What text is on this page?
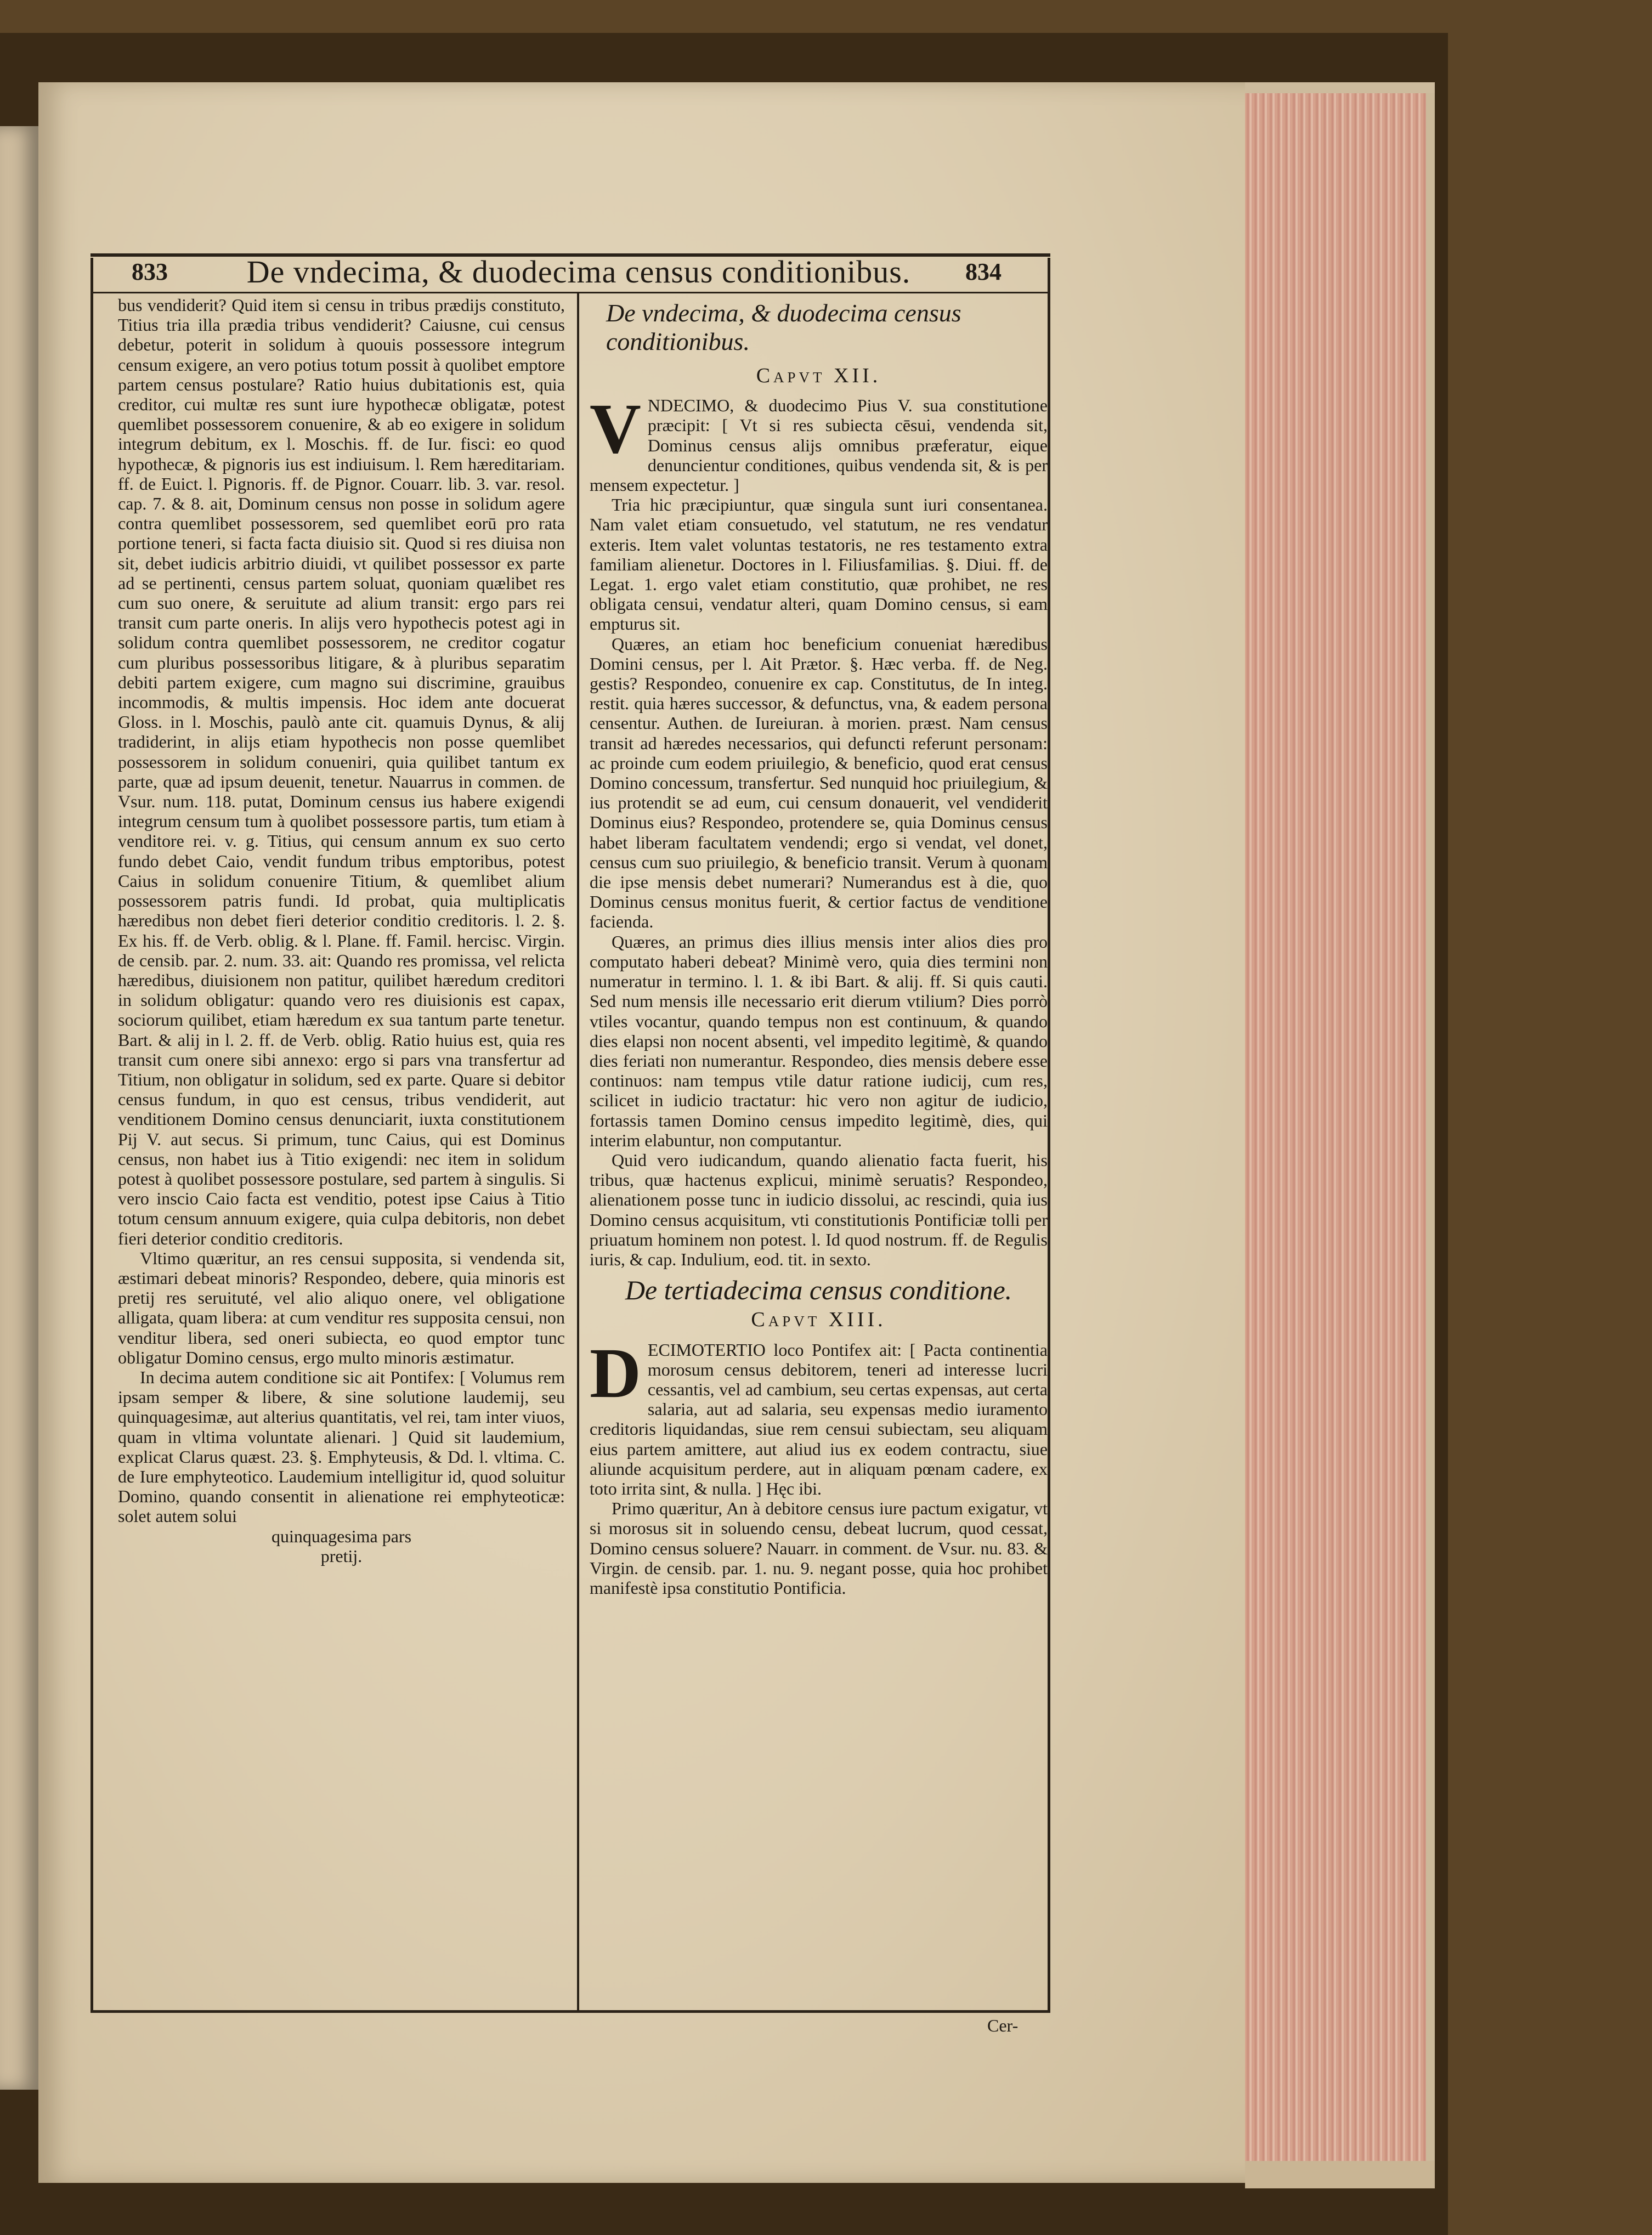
833	De vndecima, & duodecima census conditionibus.	834

bus vendiderit? Quid item si censu in tribus prædijs constituto, Titius tria illa prædia tribus vendiderit? Caiusne, cui census debetur, poterit in solidum à quouis possessore integrum censum exigere, an vero potius totum possit à quolibet emptore partem census postulare? Ratio huius dubitationis est, quia creditor, cui multæ res sunt iure hypothecæ obligatæ, potest quemlibet possessorem conuenire, & ab eo exigere in solidum integrum debitum, ex l. Moschis. ff. de Iur. fisci: eo quod hypothecæ, & pignoris ius est indiuisum. l. Rem hæreditariam. ff. de Euict. l. Pignoris. ff. de Pignor. Couarr. lib. 3. var. resol. cap. 7. & 8. ait, Dominum census non posse in solidum agere contra quemlibet possessorem, sed quemlibet eorū pro rata portione teneri, si facta facta diuisio sit. Quod si res diuisa non sit, debet iudicis arbitrio diuidi, vt quilibet possessor ex parte ad se pertinenti, census partem soluat, quoniam quælibet res cum suo onere, & seruitute ad alium transit: ergo pars rei transit cum parte oneris. In alijs vero hypothecis potest agi in solidum contra quemlibet possessorem, ne creditor cogatur cum pluribus possessoribus litigare, & à pluribus separatim debiti partem exigere, cum magno sui discrimine, grauibus incommodis, & multis impensis. Hoc idem ante docuerat Gloss. in l. Moschis, paulò ante cit. quamuis Dynus, & alij tradiderint, in alijs etiam hypothecis non posse quemlibet possessorem in solidum conueniri, quia quilibet tantum ex parte, quæ ad ipsum deuenit, tenetur. Nauarrus in commen. de Vsur. num. 118. putat, Dominum census ius habere exigendi integrum censum tum à quolibet possessore partis, tum etiam à venditore rei. v. g. Titius, qui censum annum ex suo certo fundo debet Caio, vendit fundum tribus emptoribus, potest Caius in solidum conuenire Titium, & quemlibet alium possessorem patris fundi. Id probat, quia multiplicatis hæredibus non debet fieri deterior conditio creditoris. l. 2. §. Ex his. ff. de Verb. oblig. & l. Plane. ff. Famil. hercisc. Virgin. de censib. par. 2. num. 33. ait: Quando res promissa, vel relicta hæredibus, diuisionem non patitur, quilibet hæredum creditori in solidum obligatur: quando vero res diuisionis est capax, sociorum quilibet, etiam hæredum ex sua tantum parte tenetur. Bart. & alij in l. 2. ff. de Verb. oblig. Ratio huius est, quia res transit cum onere sibi annexo: ergo si pars vna transfertur ad Titium, non obligatur in solidum, sed ex parte. Quare si debitor census fundum, in quo est census, tribus vendiderit, aut venditionem Domino census denunciarit, iuxta constitutionem Pij V. aut secus. Si primum, tunc Caius, qui est Dominus census, non habet ius à Titio exigendi: nec item in solidum potest à quolibet possessore postulare, sed partem à singulis. Si vero inscio Caio facta est venditio, potest ipse Caius à Titio totum censum annuum exigere, quia culpa debitoris, non debet fieri deterior conditio creditoris.

Vltimo quæritur, an res censui supposita, si vendenda sit, æstimari debeat minoris? Respondeo, debere, quia minoris est pretij res seruituté, vel alio aliquo onere, vel obligatione alligata, quam libera: at cum venditur res supposita censui, non venditur libera, sed oneri subiecta, eo quod emptor tunc obligatur Domino census, ergo multo minoris æstimatur.

In decima autem conditione sic ait Pontifex: [ Volumus rem ipsam semper & libere, & sine solutione laudemij, seu quinquagesimæ, aut alterius quantitatis, vel rei, tam inter viuos, quam in vltima voluntate alienari. ] Quid sit laudemium, explicat Clarus quæst. 23. §. Emphyteusis, & Dd. l. vltima. C. de Iure emphyteotico. Laudemium intelligitur id, quod soluitur Domino, quando consentit in alienatione rei emphyteoticæ: solet autem solui

quinquagesima pars

pretij.

De vndecima, & duodecima census conditionibus.
Capvt XII.

VNDECIMO, & duodecimo Pius V. sua constitutione præcipit: [ Vt si res subiecta cēsui, vendenda sit, Dominus census alijs omnibus præferatur, eique denuncientur conditiones, quibus vendenda sit, & is per mensem expectetur. ]

Tria hic præcipiuntur, quæ singula sunt iuri consentanea. Nam valet etiam consuetudo, vel statutum, ne res vendatur exteris. Item valet voluntas testatoris, ne res testamento extra familiam alienetur. Doctores in l. Filiusfamilias. §. Diui. ff. de Legat. 1. ergo valet etiam constitutio, quæ prohibet, ne res obligata censui, vendatur alteri, quam Domino census, si eam empturus sit.

Quæres, an etiam hoc beneficium conueniat hæredibus Domini census, per l. Ait Prætor. §. Hæc verba. ff. de Neg. gestis? Respondeo, conuenire ex cap. Constitutus, de In integ. restit. quia hæres successor, & defunctus, vna, & eadem persona censentur. Authen. de Iureiuran. à morien. præst. Nam census transit ad hæredes necessarios, qui defuncti referunt personam: ac proinde cum eodem priuilegio, & beneficio, quod erat census Domino concessum, transfertur. Sed nunquid hoc priuilegium, & ius protendit se ad eum, cui censum donauerit, vel vendiderit Dominus eius? Respondeo, protendere se, quia Dominus census habet liberam facultatem vendendi; ergo si vendat, vel donet, census cum suo priuilegio, & beneficio transit. Verum à quonam die ipse mensis debet numerari? Numerandus est à die, quo Dominus census monitus fuerit, & certior factus de venditione facienda.

Quæres, an primus dies illius mensis inter alios dies pro computato haberi debeat? Minimè vero, quia dies termini non numeratur in termino. l. 1. & ibi Bart. & alij. ff. Si quis cauti. Sed num mensis ille necessario erit dierum vtilium? Dies porrò vtiles vocantur, quando tempus non est continuum, & quando dies elapsi non nocent absenti, vel impedito legitimè, & quando dies feriati non numerantur. Respondeo, dies mensis debere esse continuos: nam tempus vtile datur ratione iudicij, cum res, scilicet in iudicio tractatur: hic vero non agitur de iudicio, fortassis tamen Domino census impedito legitimè, dies, qui interim elabuntur, non computantur.

Quid vero iudicandum, quando alienatio facta fuerit, his tribus, quæ hactenus explicui, minimè seruatis? Respondeo, alienationem posse tunc in iudicio dissolui, ac rescindi, quia ius Domino census acquisitum, vti constitutionis Pontificiæ tolli per priuatum hominem non potest. l. Id quod nostrum. ff. de Regulis iuris, & cap. Indulium, eod. tit. in sexto.

De tertiadecima census conditione.
Capvt XIII.

DECIMOTERTIO loco Pontifex ait: [ Pacta continentia morosum census debitorem, teneri ad interesse lucri cessantis, vel ad cambium, seu certas expensas, aut certa salaria, aut ad salaria, seu expensas medio iuramento creditoris liquidandas, siue rem censui subiectam, seu aliquam eius partem amittere, aut aliud ius ex eodem contractu, siue aliunde acquisitum perdere, aut in aliquam pœnam cadere, ex toto irrita sint, & nulla. ] Hęc ibi.

Primo quæritur, An à debitore census iure pactum exigatur, vt si morosus sit in soluendo censu, debeat lucrum, quod cessat, Domino census soluere? Nauarr. in comment. de Vsur. nu. 83. & Virgin. de censib. par. 1. nu. 9. negant posse, quia hoc prohibet manifestè ipsa constitutio Pontificia.

Cer-
